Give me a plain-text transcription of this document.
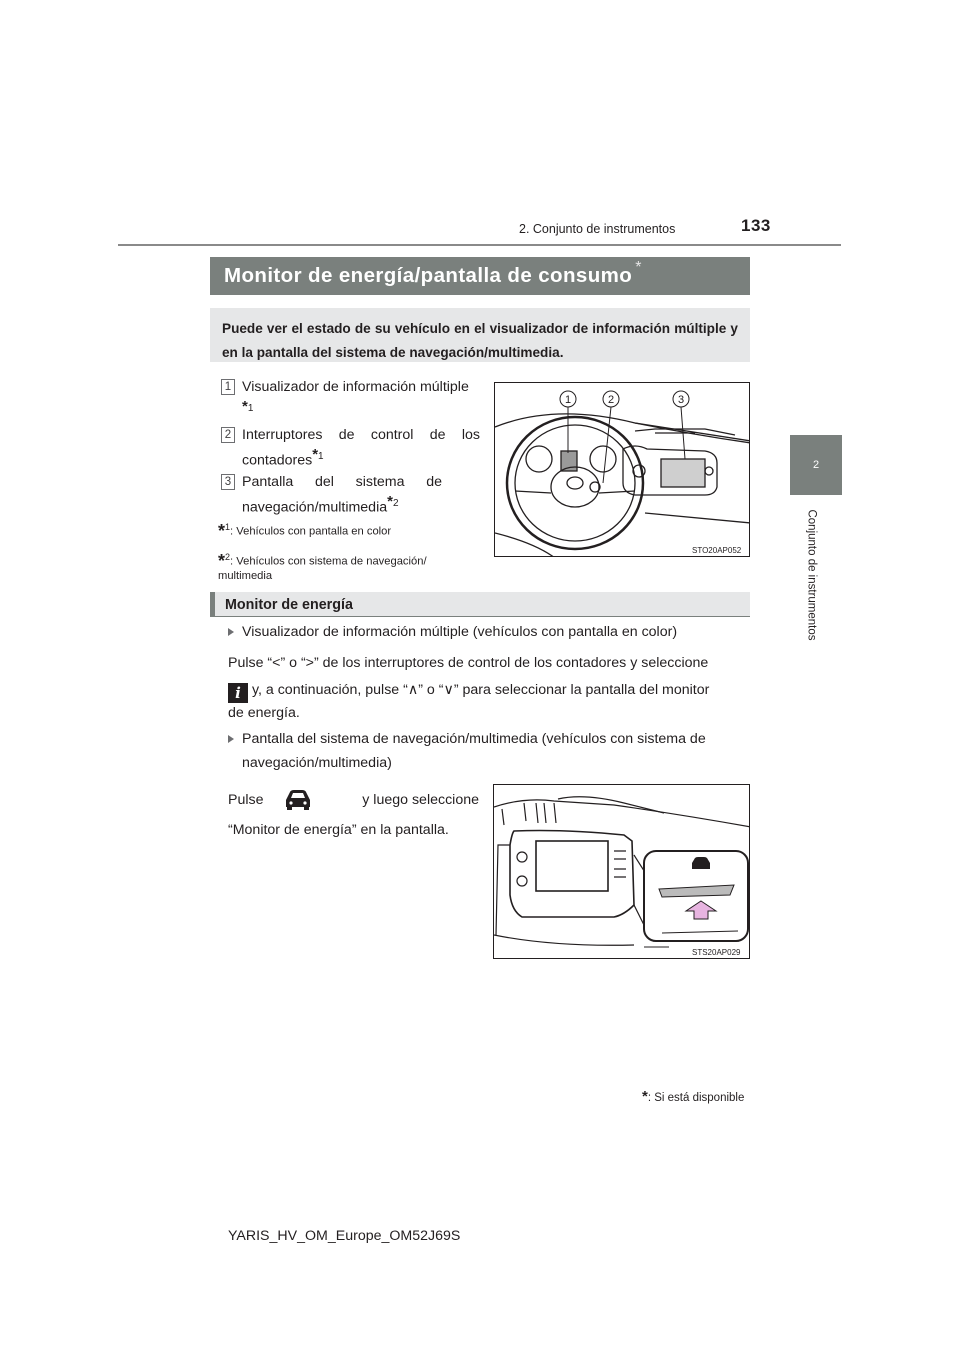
2. Conjunto de instrumentos	133
2
Conjunto de instrumentos
Monitor de energía/pantalla de consumo *
Puede ver el estado de su vehículo en el visualizador de información múltiple y en la pantalla del sistema de navegación/multimedia.
1 Visualizador de información múltiple$^{*1}$
2 Interruptores de control de los contadores$^{*1}$
3 Pantalla del sistema de navegación/multimedia$^{*2}$
*$^1$: Vehículos con pantalla en color
*$^2$: Vehículos con sistema de navegación/ multimedia
1	2	3
STO20AP052
Monitor de energía
Visualizador de información múltiple (vehículos con pantalla en color)
Pulse “<” o “>” de los interruptores de control de los contadores y seleccione
i y, a continuación, pulse “∧” o “∨” para seleccionar la pantalla del monitor
de energía.
Pantalla del sistema de navegación/multimedia (vehículos con sistema de navegación/multimedia)
Pulse	y luego seleccione
“Monitor de energía” en la pantalla.
STS20AP029
*: Si está disponible
YARIS_HV_OM_Europe_OM52J69S
